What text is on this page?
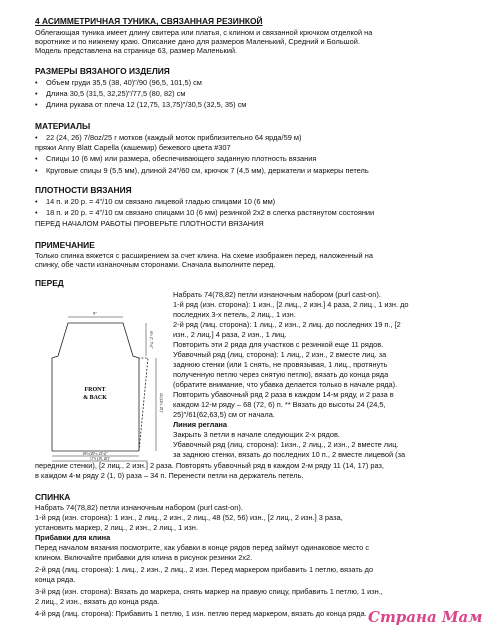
4 АСИММЕТРИЧНАЯ ТУНИКА, СВЯЗАННАЯ РЕЗИНКОЙ
Облегающая туника имеет длину свитера или платья, с клином и связанной крючком отделкой на
воротнике и по нижнему краю. Описание дано для размеров Маленький, Средний и Большой.
Модель представлена на странице 63, размер Маленький.
РАЗМЕРЫ ВЯЗАНОГО ИЗДЕЛИЯ
• Объем груди 35,5 (38, 40)"/90 (96,5, 101,5) см
• Длина 30,5 (31,5, 32,25)"/77,5 (80, 82) см
• Длина рукава от плеча 12 (12,75, 13,75)"/30,5 (32,5, 35) см
МАТЕРИАЛЫ
• 22 (24, 26) 7/8oz/25 г мотков (каждый моток приблизительно 64 ярда/59 м)
пряжи Anny Blatt Capella (кашемир) бежевого цвета #307
• Спицы 10 (6 мм) или размера, обеспечивающего заданную плотность вязания
• Круговые спицы 9 (5,5 мм), длиной 24"/60 см, крючок 7 (4,5 мм), держатели и маркеры петель
ПЛОТНОСТИ ВЯЗАНИЯ
• 14 п. и 20 р. = 4"/10 см связано лицевой гладью спицами 10 (6 мм)
• 18 п. и 20 р. = 4"/10 см связано спицами 10 (6 мм) резинкой 2x2 в слегка растянутом состоянии
ПЕРЕД НАЧАЛОМ РАБОТЫ ПРОВЕРЬТЕ ПЛОТНОСТИ ВЯЗАНИЯ
ПРИМЕЧАНИЕ
Только спинка вяжется с расширением за счет клина. На схеме изображен перед, наложенный на
спинку, обе части изнаночным сторонами. Сначала выполните перед.
ПЕРЕД
FRONT
& BACK
9"
6½ (7, 7½)"
24 (24½, 25)"
19½ (20½, 21½)"
17½ (19, 20)"
Набрать 74(78,82) петли изнаночным набором (purl cast-on).
1-й ряд (изн. сторона): 1 изн., [2 лиц., 2 изн.] 4 раза, 2 лиц., 1 изн. до
последних 3-х петель, 2 лиц., 1 изн.
2-й ряд (лиц. сторона): 1 лиц., 2 изн., 2 лиц. до последних 19 п., [2
изн., 2 лиц.] 4 раза, 2 изн., 1 лиц.
Повторить эти 2 ряда для участков с резинкой еще 11 рядов.
Убавочный ряд (лиц. сторона): 1 лиц., 2 изн., 2 вместе лиц. за
заднюю стенки (или 1 снять, не провязывая, 1 лиц., протянуть
полученную петлю через снятую петлю), вязать до конца ряда
(обратите внимание, что убавка делается только в начале ряда).
Повторить убавочный ряд 2 раза в каждом 14-м ряду, и 2 раза в
каждом 12-м ряду – 68 (72, 6) п. ** Вязать до высоты 24 (24,5,
25)"/61(62,63,5) см от начала.
Линия реглана
Закрыть 3 петли в начале следующих 2-х рядов.
Убавочный ряд (лиц. сторона): 1изн., 2 лиц., 2 изн., 2 вместе лиц.
за заднюю стенки, вязать до последних 10 п., 2 вместе лицевой (за
передние стенки), [2 лиц., 2 изн.] 2 раза. Повторять убавочный ряд в каждом 2-м ряду 11 (14, 17) раз,
в каждом 4-м ряду 2 (1, 0) раза – 34 п. Перенести петли на держатель петель.
СПИНКА
Набрать 74(78,82) петли изнаночным набором (purl cast-on).
1-й ряд (изн. сторона): 1 изн., 2 лиц., 2 изн., 2 лиц., 48 (52, 56) изн., [2 лиц., 2 изн.] 3 раза,
установить маркер, 2 лиц., 2 изн., 2 лиц., 1 изн.
Прибавки для клина
Перед началом вязания посмотрите, как убавки в конце рядов перед займут одинаковое место с
клином. Включайте прибавки для клина в рисунок резинки 2x2.
2-й ряд (лиц. сторона): 1 лиц., 2 изн., 2 лиц., 2 изн. Перед маркером прибавить 1 петлю, вязать до
конца ряда.
3-й ряд (изн. сторона): Вязать до маркера, снять маркер на правую спицу, прибавить 1 петлю, 1 изн.,
2 лиц., 2 изн., вязать до конца ряда.
4-й ряд (лиц. сторона): Прибавить 1 петлю, 1 изн. петлю перед маркером, вязать до конца ряда. Страна Мам
